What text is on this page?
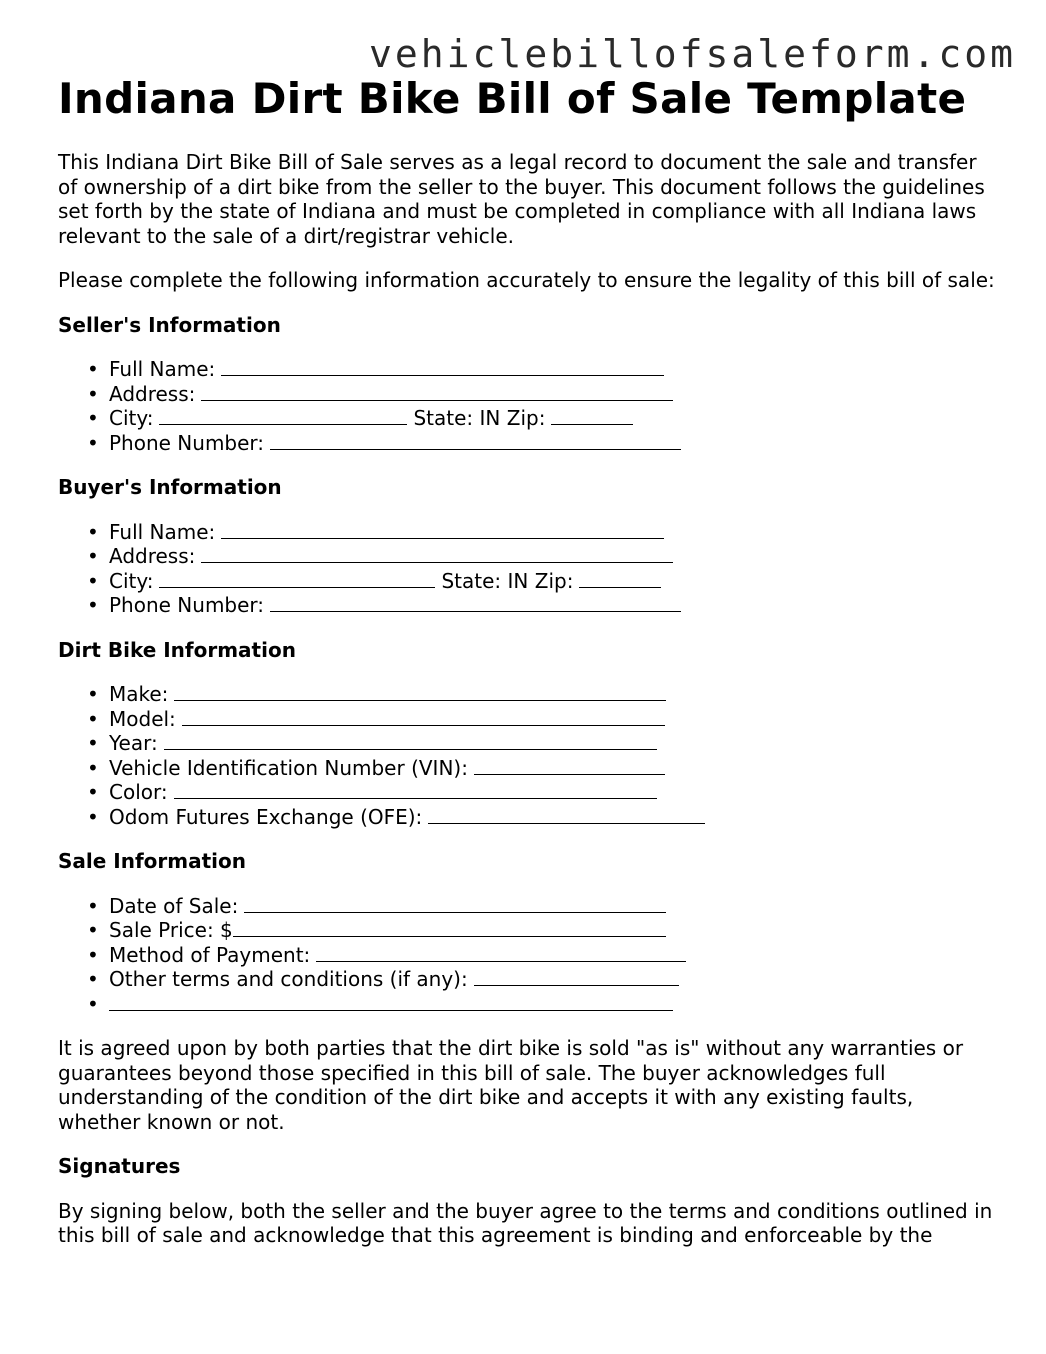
vehiclebillofsaleform.com
Indiana Dirt Bike Bill of Sale Template

This Indiana Dirt Bike Bill of Sale serves as a legal record to document the sale and transfer of ownership of a dirt bike from the seller to the buyer. This document follows the guidelines set forth by the state of Indiana and must be completed in compliance with all Indiana laws relevant to the sale of a dirt/registrar vehicle.

Please complete the following information accurately to ensure the legality of this bill of sale:

Seller's Information
• Full Name:
• Address:
• City:	State: IN Zip:
• Phone Number:
Buyer's Information
• Full Name:
• Address:
• City:	State: IN Zip:
• Phone Number:
Dirt Bike Information
• Make:
• Model:
• Year:
• Vehicle Identification Number (VIN):
• Color:
• Odom Futures Exchange (OFE):
Sale Information
• Date of Sale:
• Sale Price: $
• Method of Payment:
• Other terms and conditions (if any):
•

It is agreed upon by both parties that the dirt bike is sold "as is" without any warranties or guarantees beyond those specified in this bill of sale. The buyer acknowledges full understanding of the condition of the dirt bike and accepts it with any existing faults, whether known or not.

Signatures

By signing below, both the seller and the buyer agree to the terms and conditions outlined in this bill of sale and acknowledge that this agreement is binding and enforceable by the
